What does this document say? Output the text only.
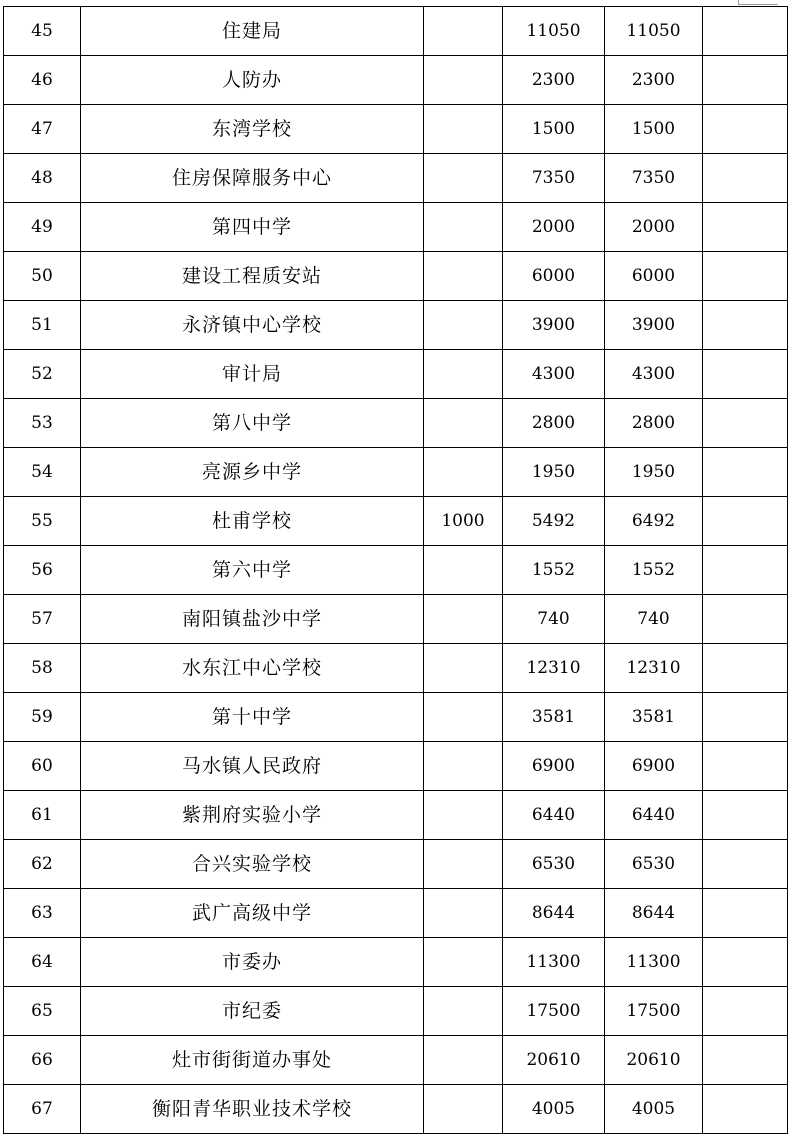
45	住建局		11050	11050	
46	人防办		2300	2300	
47	东湾学校		1500	1500	
48	住房保障服务中心		7350	7350	
49	第四中学		2000	2000	
50	建设工程质安站		6000	6000	
51	永济镇中心学校		3900	3900	
52	审计局		4300	4300	
53	第八中学		2800	2800	
54	亮源乡中学		1950	1950	
55	杜甫学校	1000	5492	6492	
56	第六中学		1552	1552	
57	南阳镇盐沙中学		740	740	
58	水东江中心学校		12310	12310	
59	第十中学		3581	3581	
60	马水镇人民政府		6900	6900	
61	紫荆府实验小学		6440	6440	
62	合兴实验学校		6530	6530	
63	武广高级中学		8644	8644	
64	市委办		11300	11300	
65	市纪委		17500	17500	
66	灶市街街道办事处		20610	20610	
67	衡阳青华职业技术学校		4005	4005	
